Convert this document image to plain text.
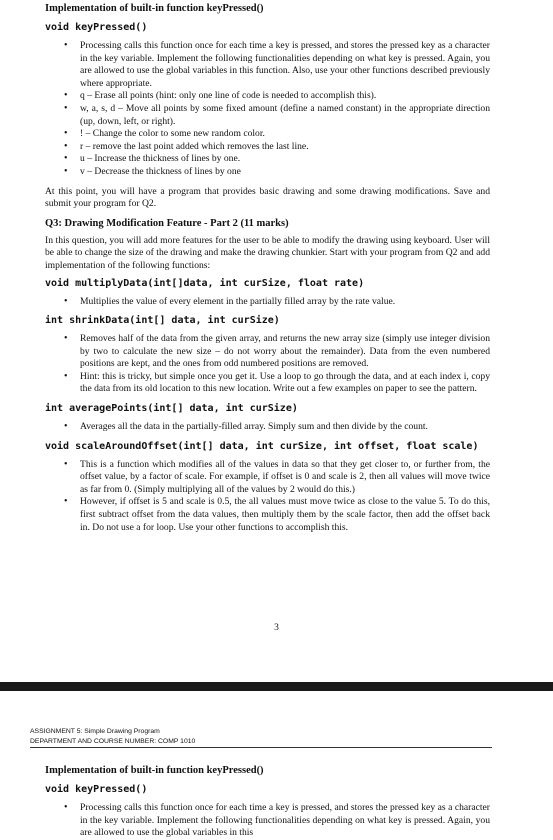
Implementation of built-in function keyPressed()
void keyPressed()
• Processing calls this function once for each time a key is pressed, and stores the pressed key as a character in the key variable. Implement the following functionalities depending on what key is pressed. Again, you are allowed to use the global variables in this function. Also, use your other functions described previously where appropriate.
• q – Erase all points (hint: only one line of code is needed to accomplish this).
• w, a, s, d – Move all points by some fixed amount (define a named constant) in the appropriate direction (up, down, left, or right).
• ! – Change the color to some new random color.
• r – remove the last point added which removes the last line.
• u – Increase the thickness of lines by one.
• v – Decrease the thickness of lines by one
At this point, you will have a program that provides basic drawing and some drawing modifications. Save and submit your program for Q2.
Q3: Drawing Modification Feature - Part 2 (11 marks)
In this question, you will add more features for the user to be able to modify the drawing using keyboard. User will be able to change the size of the drawing and make the drawing chunkier. Start with your program from Q2 and add implementation of the following functions:
void multiplyData(int[]data, int curSize, float rate)
• Multiplies the value of every element in the partially filled array by the rate value.
int shrinkData(int[] data, int curSize)
• Removes half of the data from the given array, and returns the new array size (simply use integer division by two to calculate the new size – do not worry about the remainder). Data from the even numbered positions are kept, and the ones from odd numbered positions are removed.
• Hint: this is tricky, but simple once you get it. Use a loop to go through the data, and at each index i, copy the data from its old location to this new location. Write out a few examples on paper to see the pattern.
int averagePoints(int[] data, int curSize)
• Averages all the data in the partially-filled array. Simply sum and then divide by the count.
void scaleAroundOffset(int[] data, int curSize, int offset, float scale)
• This is a function which modifies all of the values in data so that they get closer to, or further from, the offset value, by a factor of scale. For example, if offset is 0 and scale is 2, then all values will move twice as far from 0. (Simply multiplying all of the values by 2 would do this.)
• However, if offset is 5 and scale is 0.5, the all values must move twice as close to the value 5. To do this, first subtract offset from the data values, then multiply them by the scale factor, then add the offset back in. Do not use a for loop. Use your other functions to accomplish this.
3
ASSIGNMENT 5: Simple Drawing Program
DEPARTMENT AND COURSE NUMBER: COMP 1010
Implementation of built-in function keyPressed()
void keyPressed()
• Processing calls this function once for each time a key is pressed, and stores the pressed key as a character in the key variable. Implement the following functionalities depending on what key is pressed. Again, you are allowed to use the global variables in this
